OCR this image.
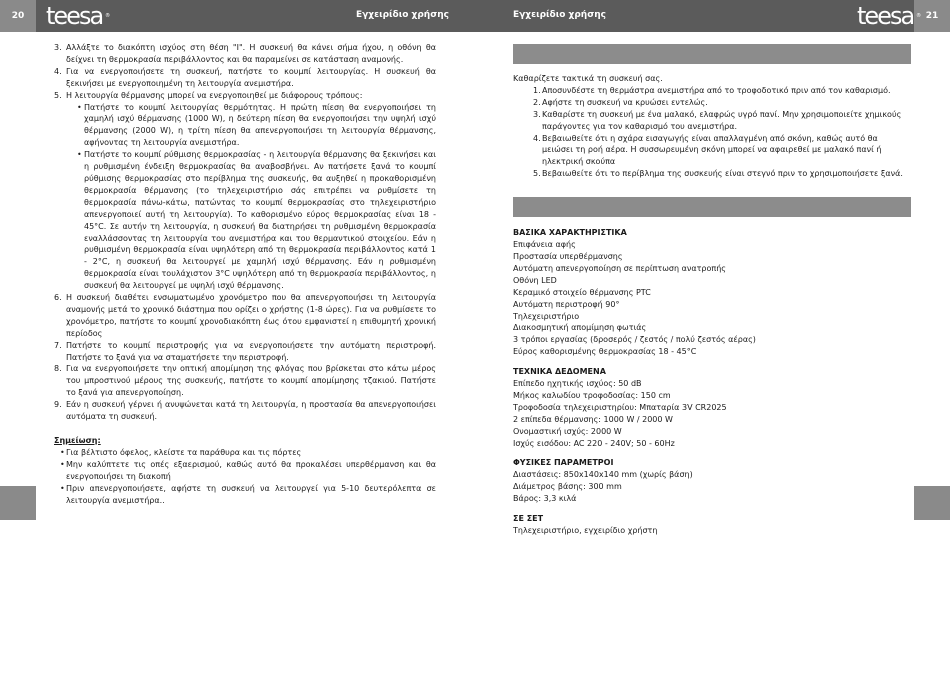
20	21
teesa ®	Εγχειρίδιο χρήσης	Εγχειρίδιο χρήσης	teesa ®
3. Αλλάξτε το διακόπτη ισχύος στη θέση "I". Η συσκευή θα κάνει σήμα ήχου, η οθόνη θα δείχνει τη θερμοκρασία περιβάλλοντος και θα παραμείνει σε κατάσταση αναμονής.
4. Για να ενεργοποιήσετε τη συσκευή, πατήστε το κουμπί λειτουργίας. Η συσκευή θα ξεκινήσει με ενεργοποιημένη τη λειτουργία ανεμιστήρα.
5. Η λειτουργία θέρμανσης μπορεί να ενεργοποιηθεί με διάφορους τρόπους:
• Πατήστε το κουμπί λειτουργίας θερμότητας. Η πρώτη πίεση θα ενεργοποιήσει τη χαμηλή ισχύ θέρμανσης (1000 W), η δεύτερη πίεση θα ενεργοποιήσει την υψηλή ισχύ θέρμανσης (2000 W), η τρίτη πίεση θα απενεργοποιήσει τη λειτουργία θέρμανσης, αφήνοντας τη λειτουργία ανεμιστήρα.
• Πατήστε το κουμπί ρύθμισης θερμοκρασίας - η λειτουργία θέρμανσης θα ξεκινήσει και η ρυθμισμένη ένδειξη θερμοκρασίας θα αναβοσβήνει. Αν πατήσετε ξανά το κουμπί ρύθμισης θερμοκρασίας στο περίβλημα της συσκευής, θα αυξηθεί η προκαθορισμένη θερμοκρασία θέρμανσης (το τηλεχειριστήριο σάς επιτρέπει να ρυθμίσετε τη θερμοκρασία πάνω-κάτω, πατώντας το κουμπί θερμοκρασίας στο τηλεχειριστήριο απενεργοποιεί αυτή τη λειτουργία). Το καθορισμένο εύρος θερμοκρασίας είναι 18 - 45°C. Σε αυτήν τη λειτουργία, η συσκευή θα διατηρήσει τη ρυθμισμένη θερμοκρασία εναλλάσσοντας τη λειτουργία του ανεμιστήρα και του θερμαντικού στοιχείου. Εάν η ρυθμισμένη θερμοκρασία είναι υψηλότερη από τη θερμοκρασία περιβάλλοντος κατά 1 - 2°C, η συσκευή θα λειτουργεί με χαμηλή ισχύ θέρμανσης. Εάν η ρυθμισμένη θερμοκρασία είναι τουλάχιστον 3°C υψηλότερη από τη θερμοκρασία περιβάλλοντος, η συσκευή θα λειτουργεί με υψηλή ισχύ θέρμανσης.
6. Η συσκευή διαθέτει ενσωματωμένο χρονόμετρο που θα απενεργοποιήσει τη λειτουργία αναμονής μετά το χρονικό διάστημα που ορίζει ο χρήστης (1-8 ώρες). Για να ρυθμίσετε το χρονόμετρο, πατήστε το κουμπί χρονοδιακόπτη έως ότου εμφανιστεί η επιθυμητή χρονική περίοδος
7. Πατήστε το κουμπί περιστροφής για να ενεργοποιήσετε την αυτόματη περιστροφή. Πατήστε το ξανά για να σταματήσετε την περιστροφή.
8. Για να ενεργοποιήσετε την οπτική απομίμηση της φλόγας που βρίσκεται στο κάτω μέρος του μπροστινού μέρους της συσκευής, πατήστε το κουμπί απομίμησης τζακιού. Πατήστε το ξανά για απενεργοποίηση.
9. Εάν η συσκευή γέρνει ή ανυψώνεται κατά τη λειτουργία, η προστασία θα απενεργοποιήσει αυτόματα τη συσκευή.
Σημείωση:
• Για βέλτιστο όφελος, κλείστε τα παράθυρα και τις πόρτες
• Μην καλύπτετε τις οπές εξαερισμού, καθώς αυτό θα προκαλέσει υπερθέρμανση και θα ενεργοποιήσει τη διακοπή
• Πριν απενεργοποιήσετε, αφήστε τη συσκευή να λειτουργεί για 5-10 δευτερόλεπτα σε λειτουργία ανεμιστήρα..

Καθαρίζετε τακτικά τη συσκευή σας.

1. Αποσυνδέστε τη θερμάστρα ανεμιστήρα από το τροφοδοτικό πριν από τον καθαρισμό.
2. Αφήστε τη συσκευή να κρυώσει εντελώς.
3. Καθαρίστε τη συσκευή με ένα μαλακό, ελαφρώς υγρό πανί. Μην χρησιμοποιείτε χημικούς παράγοντες για τον καθαρισμό του ανεμιστήρα.
4. Βεβαιωθείτε ότι η σχάρα εισαγωγής είναι απαλλαγμένη από σκόνη, καθώς αυτό θα μειώσει τη ροή αέρα. Η συσσωρευμένη σκόνη μπορεί να αφαιρεθεί με μαλακό πανί ή ηλεκτρική σκούπα
5. Βεβαιωθείτε ότι το περίβλημα της συσκευής είναι στεγνό πριν το χρησιμοποιήσετε ξανά.
ΒΑΣΙΚΑ ΧΑΡΑΚΤΗΡΙΣΤΙΚΑ

Επιφάνεια αφής

Προστασία υπερθέρμανσης

Αυτόματη απενεργοποίηση σε περίπτωση ανατροπής

Οθόνη LED

Κεραμικό στοιχείο θέρμανσης PTC

Αυτόματη περιστροφή 90°

Τηλεχειριστήριο

Διακοσμητική απομίμηση φωτιάς

3 τρόποι εργασίας (δροσερός / ζεστός / πολύ ζεστός αέρας)

Εύρος καθορισμένης θερμοκρασίας 18 - 45°C

ΤΕΧΝΙΚΑ ΔΕΔΟΜΕΝΑ

Επίπεδο ηχητικής ισχύος: 50 dB

Μήκος καλωδίου τροφοδοσίας: 150 cm

Τροφοδοσία τηλεχειριστηρίου: Μπαταρία 3V CR2025

2 επίπεδα θέρμανσης: 1000 W / 2000 W

Ονομαστική ισχύς: 2000 W

Ισχύς εισόδου: AC 220 - 240V; 50 - 60Hz

ΦΥΣΙΚΕΣ ΠΑΡΑΜΕΤΡΟΙ

Διαστάσεις: 850x140x140 mm (χωρίς βάση)

Διάμετρος βάσης: 300 mm

Βάρος: 3,3 κιλά

ΣΕ ΣΕΤ

Τηλεχειριστήριο, εγχειρίδιο χρήστη
